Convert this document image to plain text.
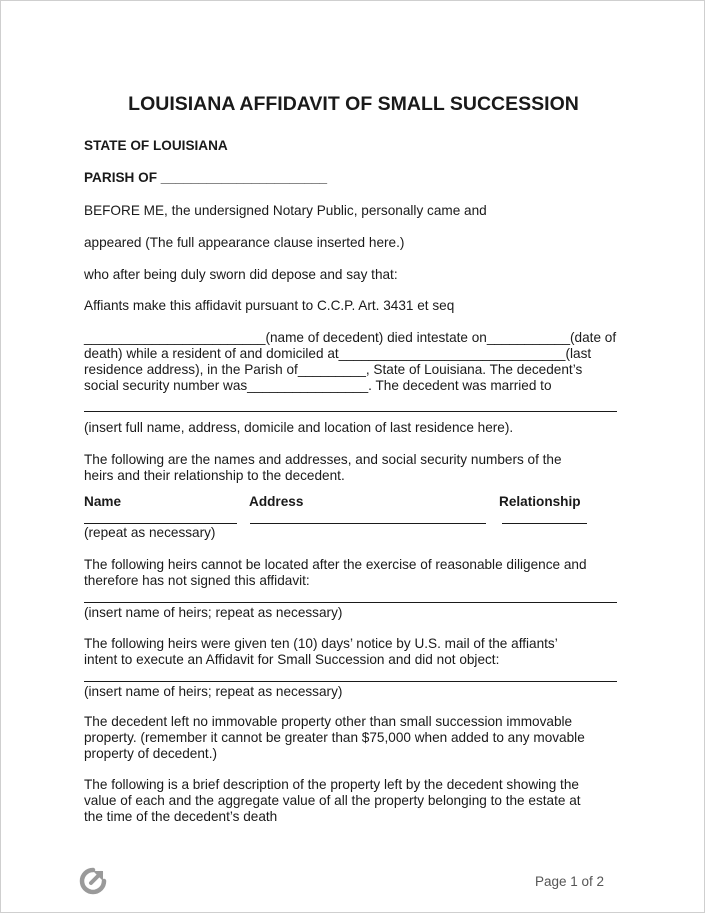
LOUISIANA AFFIDAVIT OF SMALL SUCCESSION
STATE OF LOUISIANA
PARISH OF ______________________
BEFORE ME, the undersigned Notary Public, personally came and
appeared (The full appearance clause inserted here.)
who after being duly sworn did depose and say that:
Affiants make this affidavit pursuant to C.C.P. Art. 3431 et seq
________________________(name of decedent) died intestate on___________(date of
death) while a resident of and domiciled at______________________________(last
residence address), in the Parish of_________, State of Louisiana. The decedent’s
social security number was________________. The decedent was married to
(insert full name, address, domicile and location of last residence here).
The following are the names and addresses, and social security numbers of the
heirs and their relationship to the decedent.
Name	Address	Relationship
(repeat as necessary)
The following heirs cannot be located after the exercise of reasonable diligence and
therefore has not signed this affidavit:
(insert name of heirs; repeat as necessary)
The following heirs were given ten (10) days’ notice by U.S. mail of the affiants’
intent to execute an Affidavit for Small Succession and did not object:
(insert name of heirs; repeat as necessary)
The decedent left no immovable property other than small succession immovable
property. (remember it cannot be greater than $75,000 when added to any movable
property of decedent.)
The following is a brief description of the property left by the decedent showing the
value of each and the aggregate value of all the property belonging to the estate at
the time of the decedent’s death
Page 1 of 2
